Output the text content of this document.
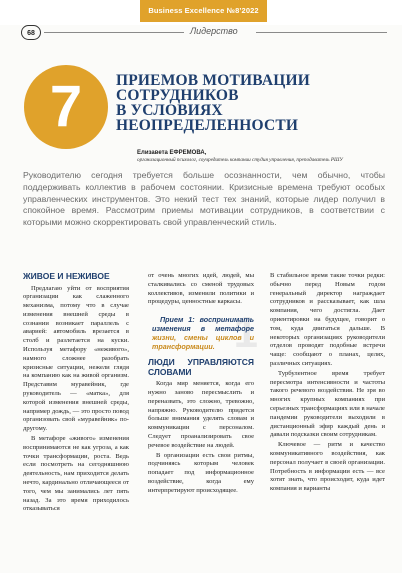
Business Excellence №8’2022
68	Лидерство
7	ПРИЕМОВ МОТИВАЦИИ
СОТРУДНИКОВ
В УСЛОВИЯХ
НЕОПРЕДЕЛЕННОСТИ
Елизавета ЕФРЕМОВА,
организационный психолог, соучредитель компании студия управления, преподаватель РШУ

Руководителю сегодня требуется больше осознанности, чем обычно, чтобы поддерживать коллектив в рабочем состоянии. Кризисные времена требуют особых управленческих инструментов. Это некий тест тех знаний, которые лидер получил в спокойное время. Рассмотрим приемы мотивации сотрудников, в соответствии с которыми можно скорректировать свой управленческий стиль.

ЖИВОЕ И НЕЖИВОЕ

Предлагаю уйти от восприятия организации как слаженного механизма, потому что в случае изменения внешней среды в сознании возникает параллель с аварией: автомобиль врезается в столб и разлетается на куски. Используя метафору «неживого», намного сложнее разобрать кризисные ситуации, нежели глядя на компанию как на живой организм. Представим муравейник, где руководитель — «матка», для которой изменения внешней среды, например дождь, — это просто повод организовать свой «муравейник» по-другому.

В метафоре «живого» изменения воспринимаются не как угроза, а как точки трансформации, роста. Ведь если посмотреть на сегодняшнюю деятельность, нам приходится делать нечто, кардинально отличающееся от того, чем мы занимались лет пять назад. За это время приходилось отказываться

от очень многих идей, людей, мы сталкивались со сменой трудовых коллективов, изменили политики и процедуры, ценностные каркасы.

1

Прием 1: воспринимать изменения в метафоре жизни, смены циклов и трансформации.

ЛЮДИ УПРАВЛЯЮТСЯ СЛОВАМИ

Когда мир меняется, когда его нужно заново пересмыслить и переназвать, это сложно, тревожно, напряжно. Руководителю придется больше внимания уделять словам и коммуникации с персоналом. Следует проанализировать свое речевое воздействие на людей.

В организации есть свои ритмы, подчиняясь которым человек попадает под информационное воздействие, когда ему интерпретируют происходящее.

В стабильное время такие точки редки: обычно перед Новым годом генеральный директор награждает сотрудников и рассказывает, как шла компания, чего достигла. Дает ориентировки на будущее, говорит о том, куда двигаться дальше. В некоторых организациях руководители отделов проводят подобные встречи чаще: сообщают о планах, целях, различных ситуациях.

Турбулентное время требует пересмотра интенсивности и частоты такого речевого воздействия. Не зря во многих крупных компаниях при серьезных трансформациях или в начале пандемии руководители выходили в дистанционный эфир каждый день и давали подсказки своим сотрудникам.

Ключевое — ритм и качество коммуникативного воздействия, как персонал получает в своей организации. Потребность в информации есть — все хотят знать, что происходит, куда идет компания и варианты
